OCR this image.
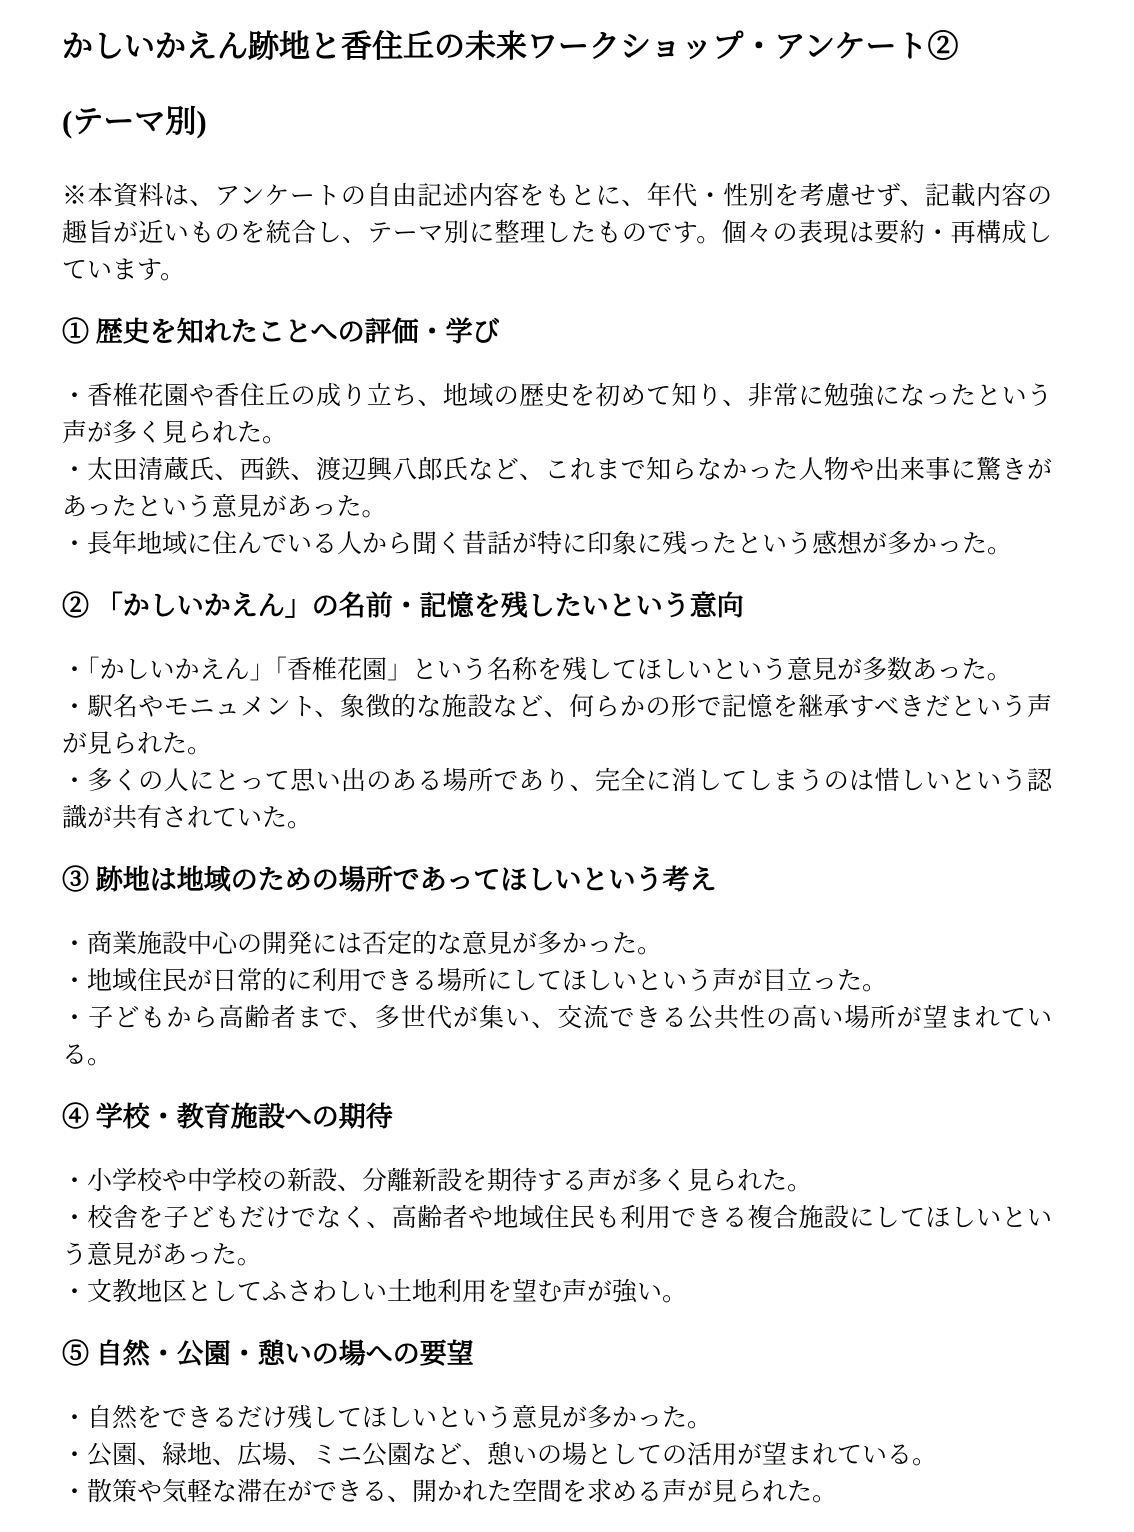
かしいかえん跡地と香住丘の未来ワークショップ・アンケート②
(テーマ別)

※本資料は、アンケートの自由記述内容をもとに、年代・性別を考慮せず、記載内容の趣旨が近いものを統合し、テーマ別に整理したものです。個々の表現は要約・再構成しています。

① 歴史を知れたことへの評価・学び

・香椎花園や香住丘の成り立ち、地域の歴史を初めて知り、非常に勉強になったという声が多く見られた。

・太田清蔵氏、西鉄、渡辺興八郎氏など、これまで知らなかった人物や出来事に驚きがあったという意見があった。

・長年地域に住んでいる人から聞く昔話が特に印象に残ったという感想が多かった。

② 「かしいかえん」の名前・記憶を残したいという意向

・「かしいかえん」「香椎花園」という名称を残してほしいという意見が多数あった。

・駅名やモニュメント、象徴的な施設など、何らかの形で記憶を継承すべきだという声が見られた。

・多くの人にとって思い出のある場所であり、完全に消してしまうのは惜しいという認識が共有されていた。

③ 跡地は地域のための場所であってほしいという考え

・商業施設中心の開発には否定的な意見が多かった。

・地域住民が日常的に利用できる場所にしてほしいという声が目立った。

・子どもから高齢者まで、多世代が集い、交流できる公共性の高い場所が望まれている。

④ 学校・教育施設への期待

・小学校や中学校の新設、分離新設を期待する声が多く見られた。

・校舎を子どもだけでなく、高齢者や地域住民も利用できる複合施設にしてほしいという意見があった。

・文教地区としてふさわしい土地利用を望む声が強い。

⑤ 自然・公園・憩いの場への要望

・自然をできるだけ残してほしいという意見が多かった。

・公園、緑地、広場、ミニ公園など、憩いの場としての活用が望まれている。

・散策や気軽な滞在ができる、開かれた空間を求める声が見られた。
